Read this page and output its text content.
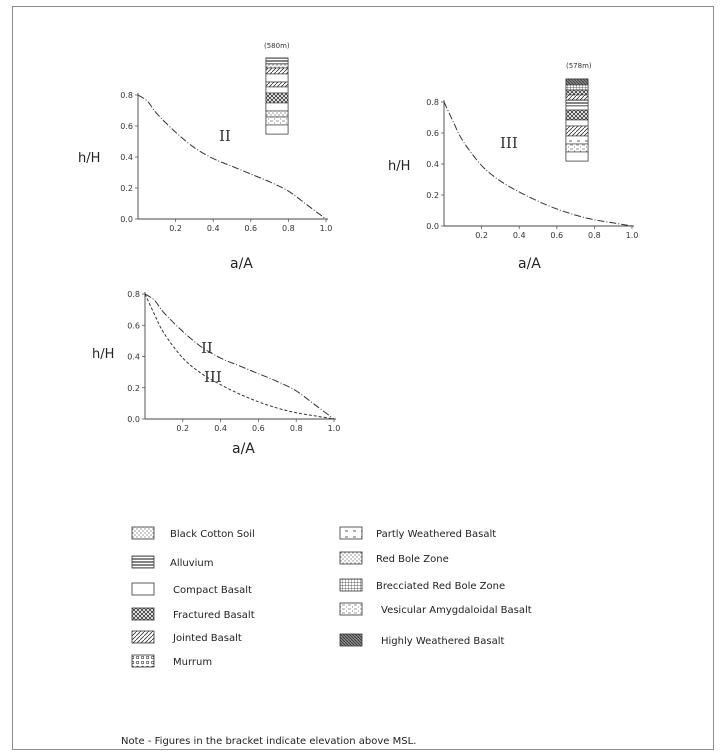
0.0
0.2
0.4
0.6
0.8
0.2	0.4	0.6	0.8	1.0
h/H
a/A
II
(580m)
0.0
0.2
0.4
0.6
0.8
0.2	0.4	0.6	0.8	1.0
h/H
a/A
III
(578m)
0.0
0.2
0.4
0.6
0.8
0.2	0.4	0.6	0.8	1.0
h/H
a/A
II
III
Black Cotton Soil
Alluvium
Compact Basalt
Fractured Basalt
Jointed Basalt
Murrum
Partly Weathered Basalt
Red Bole Zone
Brecciated Red Bole Zone
Vesicular Amygdaloidal Basalt
Highly Weathered Basalt
Note - Figures in the bracket indicate elevation above MSL.
